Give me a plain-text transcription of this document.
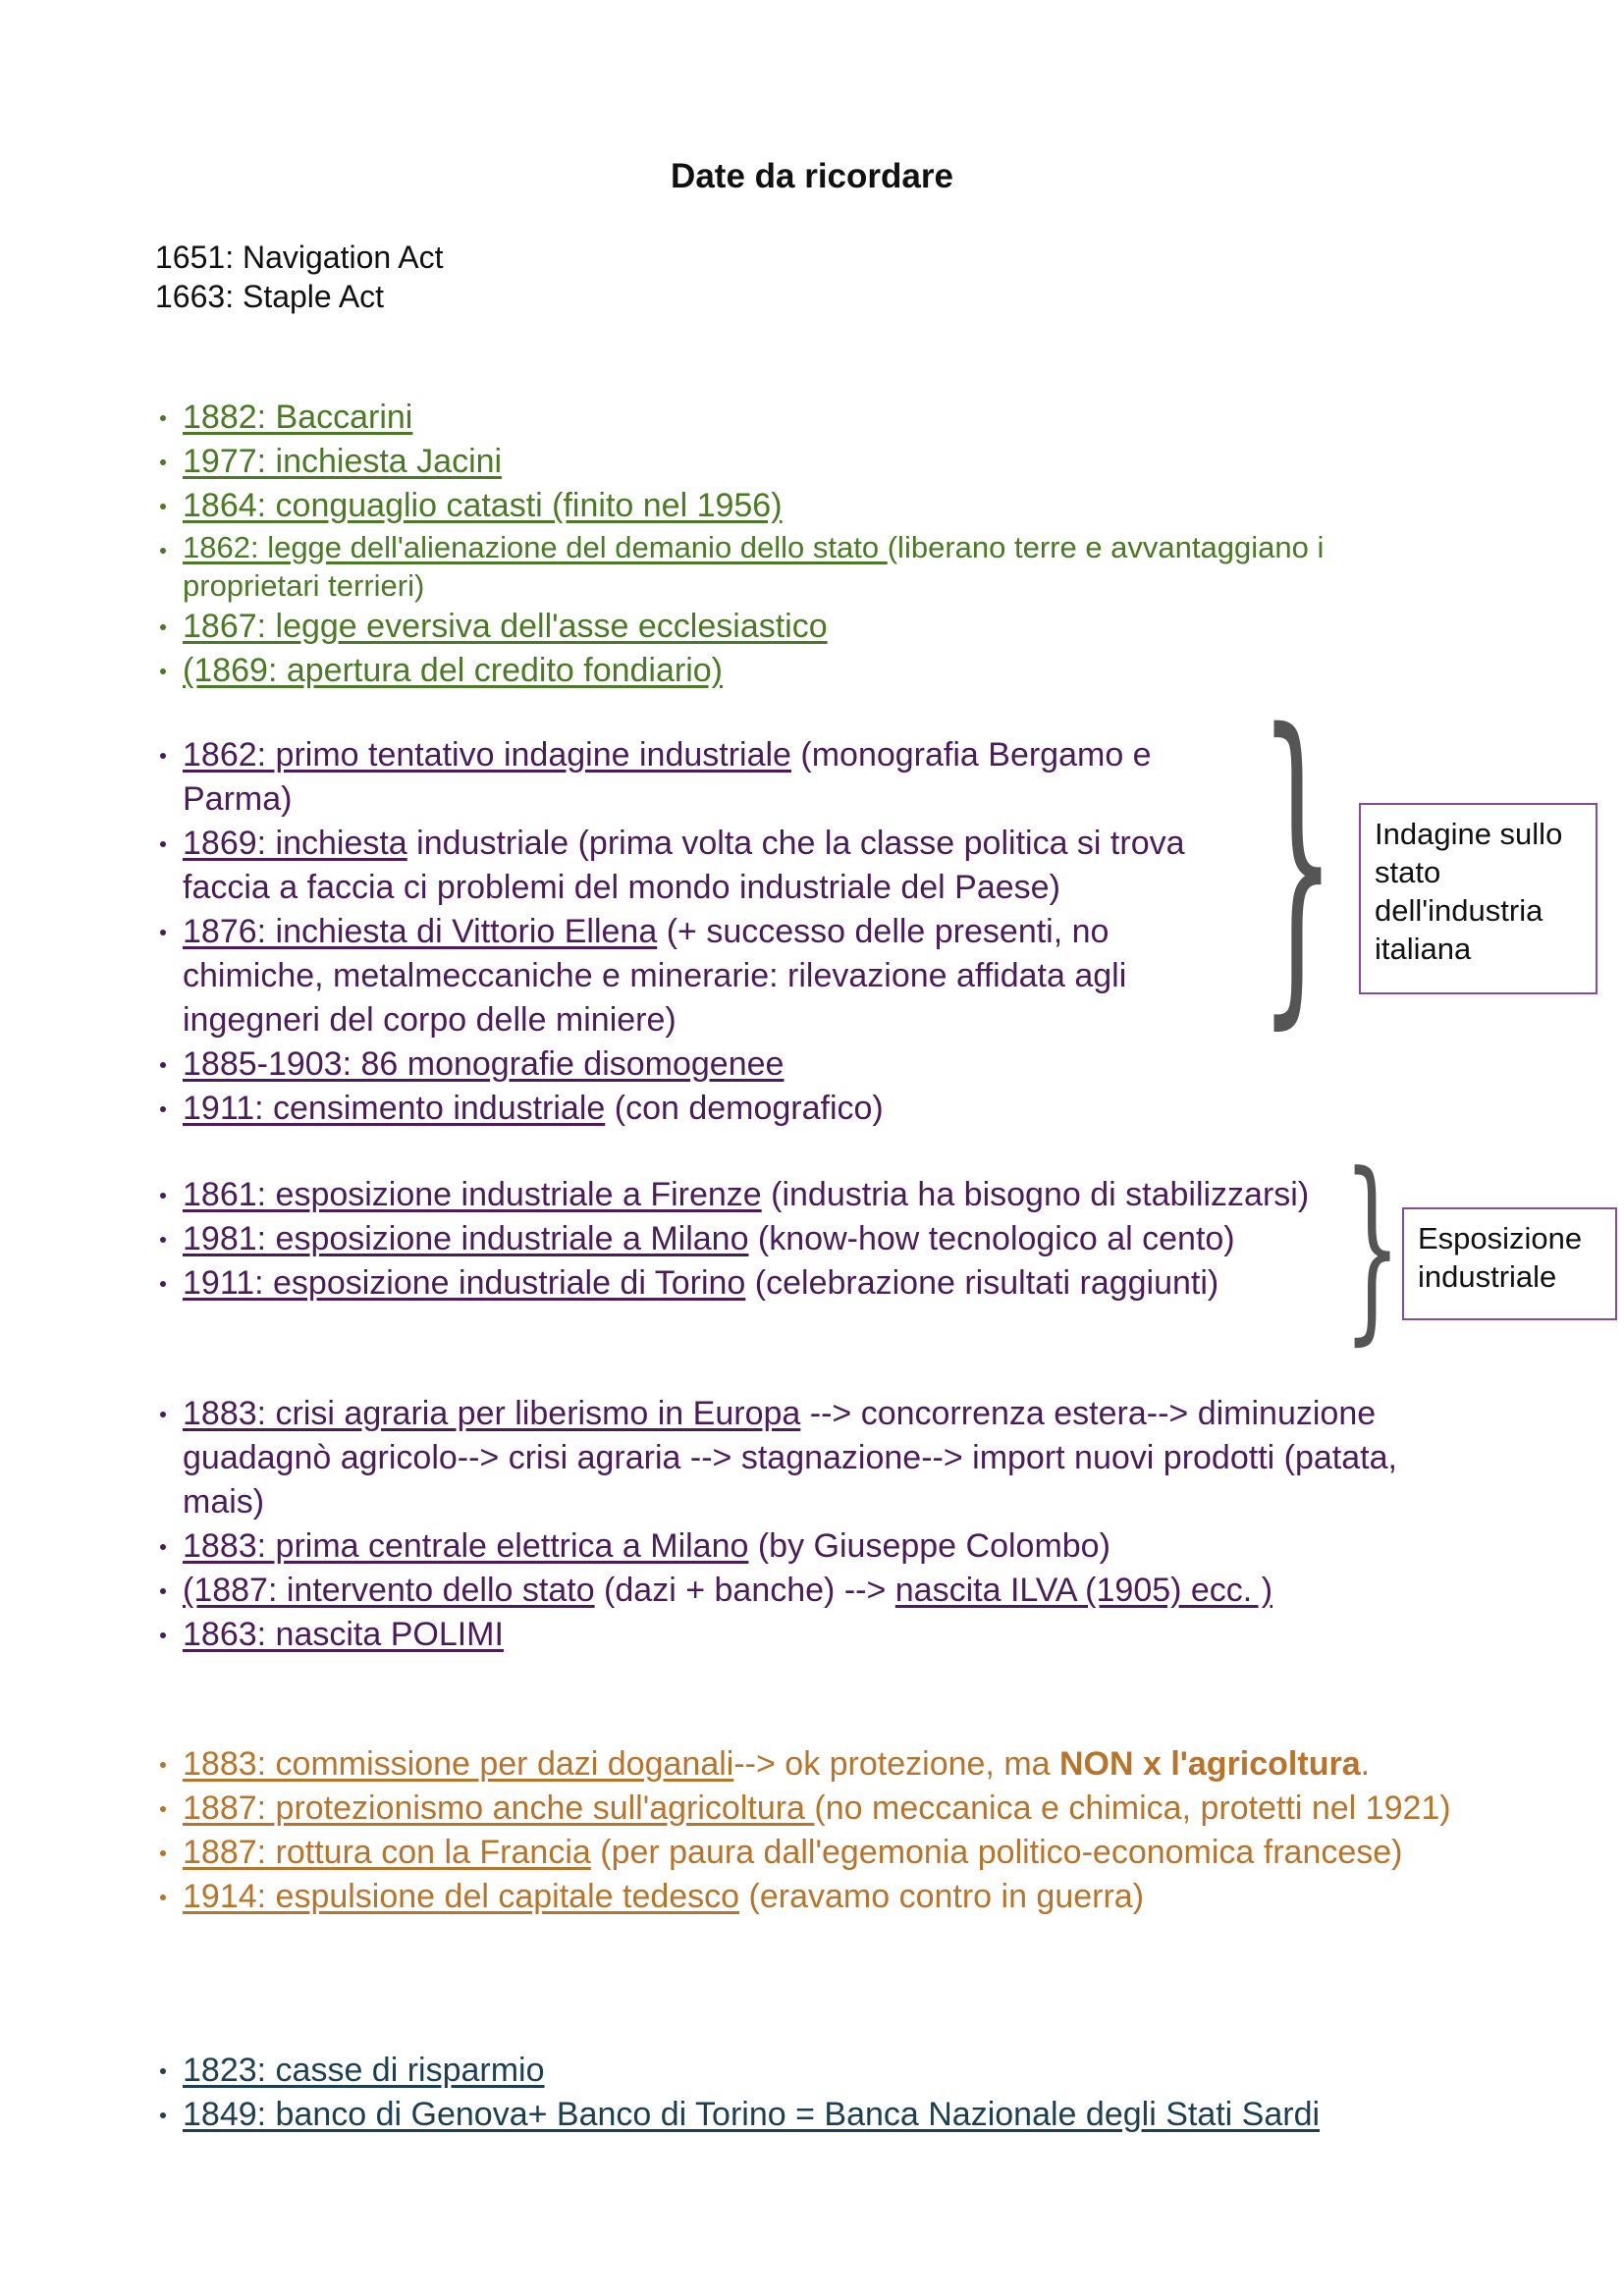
Date da ricordare
1651: Navigation Act
1663: Staple Act
1882: Baccarini
1977: inchiesta Jacini
1864: conguaglio catasti (finito nel 1956)
1862: legge dell'alienazione del demanio dello stato (liberano terre e avvantaggiano i proprietari terrieri)
1867: legge eversiva dell'asse ecclesiastico
(1869: apertura del credito fondiario)
1862: primo tentativo indagine industriale (monografia Bergamo e Parma)
1869: inchiesta industriale (prima volta che la classe politica si trova faccia a faccia ci problemi del mondo industriale del Paese)
1876: inchiesta di Vittorio Ellena (+ successo delle presenti, no chimiche, metalmeccaniche e minerarie: rilevazione affidata agli ingegneri del corpo delle miniere)
1885-1903: 86 monografie disomogenee
1911: censimento industriale (con demografico)
}	Indagine sullo stato dell'industria italiana
1861: esposizione industriale a Firenze (industria ha bisogno di stabilizzarsi)
1981: esposizione industriale a Milano (know-how tecnologico al cento)
1911: esposizione industriale di Torino (celebrazione risultati raggiunti) } Esposizione industriale
1883: crisi agraria per liberismo in Europa --> concorrenza estera--> diminuzione guadagnò agricolo--> crisi agraria --> stagnazione--> import nuovi prodotti (patata, mais)
1883: prima centrale elettrica a Milano (by Giuseppe Colombo)
(1887: intervento dello stato (dazi + banche) --> nascita ILVA (1905) ecc. )
1863: nascita POLIMI
1883: commissione per dazi doganali--> ok protezione, ma NON x l'agricoltura.
1887: protezionismo anche sull'agricoltura (no meccanica e chimica, protetti nel 1921)
1887: rottura con la Francia (per paura dall'egemonia politico-economica francese)
1914: espulsione del capitale tedesco (eravamo contro in guerra)
1823: casse di risparmio
1849: banco di Genova+ Banco di Torino = Banca Nazionale degli Stati Sardi
